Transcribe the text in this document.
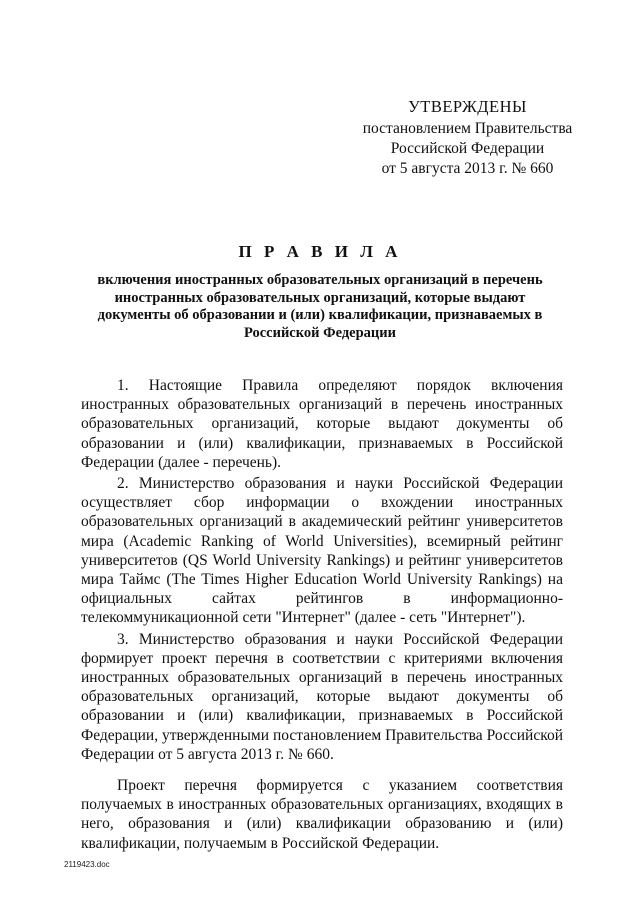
УТВЕРЖДЕНЫ
постановлением Правительства
Российской Федерации
от 5 августа 2013 г. № 660
П Р А В И Л А
включения иностранных образовательных организаций в перечень иностранных образовательных организаций, которые выдают документы об образовании и (или) квалификации, признаваемых в Российской Федерации

1. Настоящие Правила определяют порядок включения иностранных образовательных организаций в перечень иностранных образовательных организаций, которые выдают документы об образовании и (или) квалификации, признаваемых в Российской Федерации (далее - перечень).

2. Министерство образования и науки Российской Федерации осуществляет сбор информации о вхождении иностранных образовательных организаций в академический рейтинг университетов мира (Academic Ranking of World Universities), всемирный рейтинг университетов (QS World University Rankings) и рейтинг университетов мира Таймс (The Times Higher Education World University Rankings) на официальных сайтах рейтингов в информационно-телекоммуникационной сети "Интернет" (далее - сеть "Интернет").

3. Министерство образования и науки Российской Федерации формирует проект перечня в соответствии с критериями включения иностранных образовательных организаций в перечень иностранных образовательных организаций, которые выдают документы об образовании и (или) квалификации, признаваемых в Российской Федерации, утвержденными постановлением Правительства Российской Федерации от 5 августа 2013 г. № 660.

Проект перечня формируется с указанием соответствия получаемых в иностранных образовательных организациях, входящих в него, образования и (или) квалификации образованию и (или) квалификации, получаемым в Российской Федерации.

2119423.doc
